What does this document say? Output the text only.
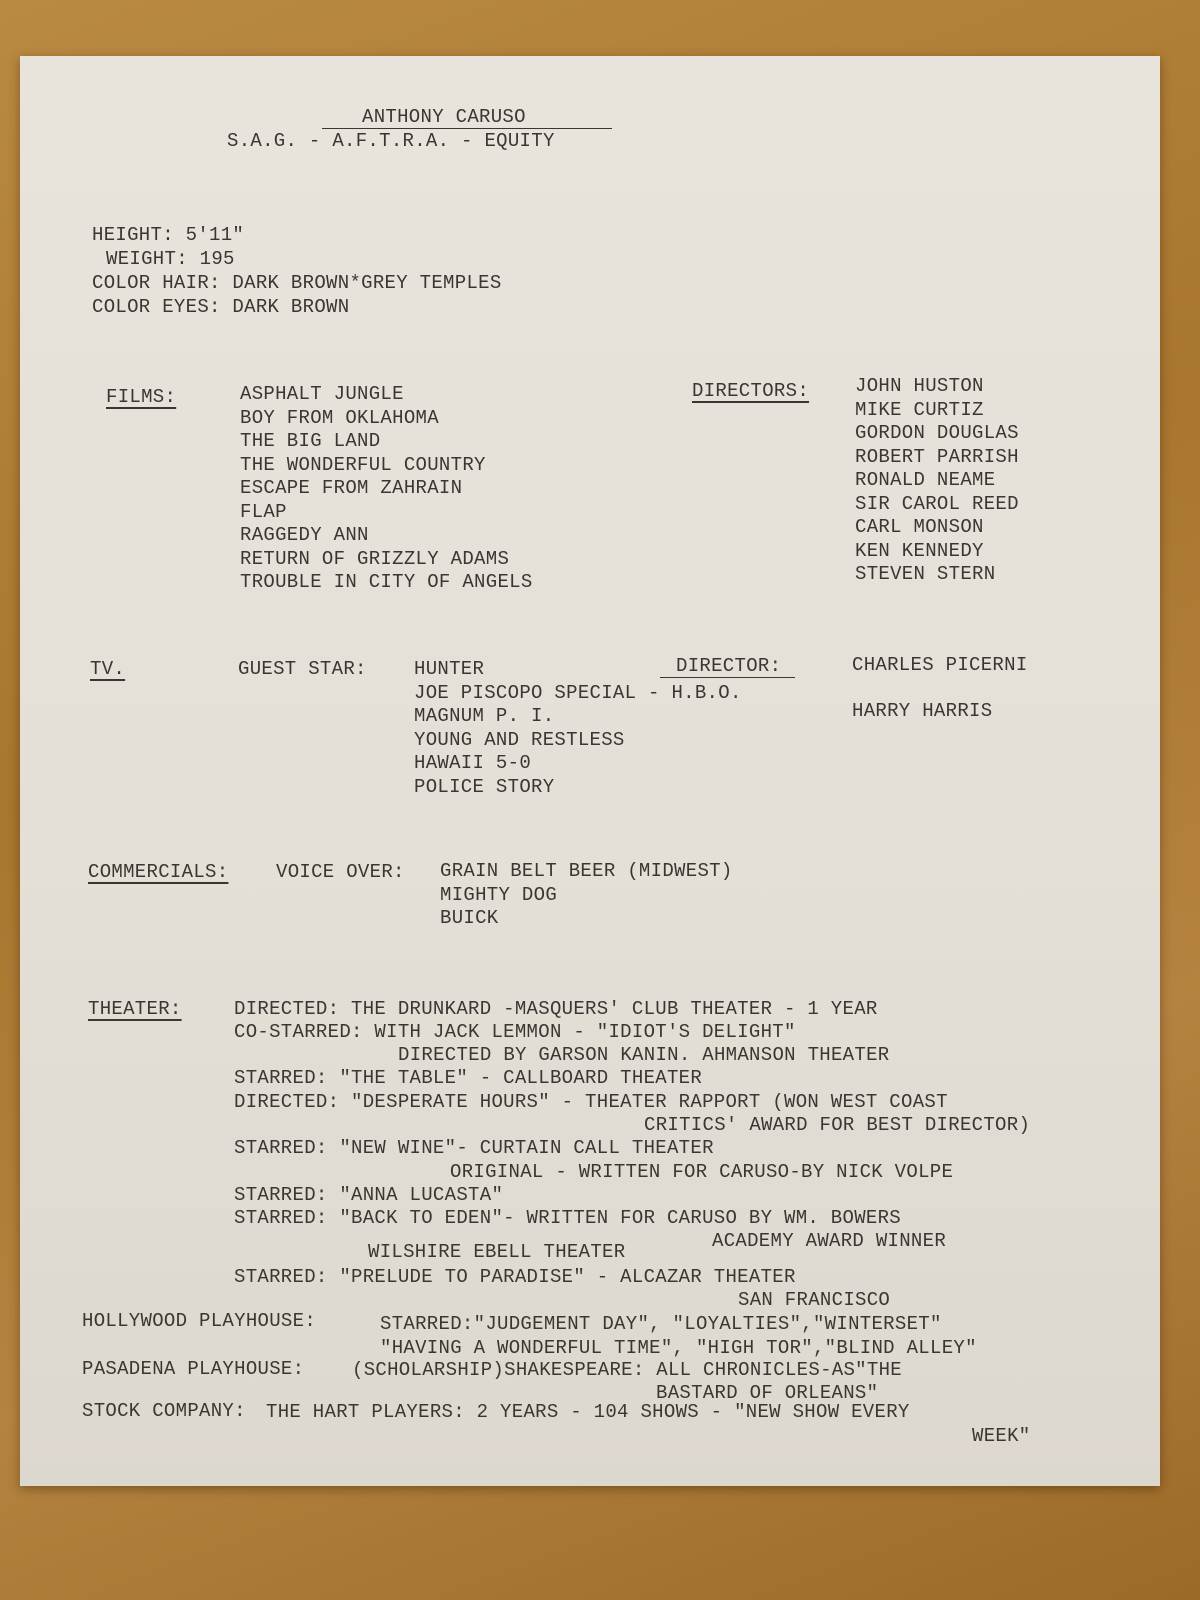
ANTHONY CARUSO
S.A.G. - A.F.T.R.A. - EQUITY
HEIGHT: 5'11"
WEIGHT: 195
COLOR HAIR: DARK BROWN*GREY TEMPLES
COLOR EYES: DARK BROWN
FILMS:	ASPHALT JUNGLE
BOY FROM OKLAHOMA
THE BIG LAND
THE WONDERFUL COUNTRY
ESCAPE FROM ZAHRAIN
FLAP
RAGGEDY ANN
RETURN OF GRIZZLY ADAMS
TROUBLE IN CITY OF ANGELS
DIRECTORS: JOHN HUSTON
MIKE CURTIZ
GORDON DOUGLAS
ROBERT PARRISH
RONALD NEAME
SIR CAROL REED
CARL MONSON
KEN KENNEDY
STEVEN STERN
TV.	GUEST STAR: HUNTER
JOE PISCOPO SPECIAL - H.B.O.
MAGNUM P. I.
YOUNG AND RESTLESS
HAWAII 5-0
POLICE STORY
DIRECTOR:	CHARLES PICERNI
HARRY HARRIS
COMMERCIALS:	VOICE OVER: GRAIN BELT BEER (MIDWEST)
MIGHTY DOG
BUICK
THEATER:	DIRECTED: THE DRUNKARD -MASQUERS' CLUB THEATER - 1 YEAR
CO-STARRED: WITH JACK LEMMON - "IDIOT'S DELIGHT"
DIRECTED BY GARSON KANIN. AHMANSON THEATER
STARRED: "THE TABLE" - CALLBOARD THEATER
DIRECTED: "DESPERATE HOURS" - THEATER RAPPORT (WON WEST COAST
CRITICS' AWARD FOR BEST DIRECTOR)
STARRED: "NEW WINE"- CURTAIN CALL THEATER
ORIGINAL - WRITTEN FOR CARUSO-BY NICK VOLPE
STARRED: "ANNA LUCASTA"
STARRED: "BACK TO EDEN"- WRITTEN FOR CARUSO BY WM. BOWERS
ACADEMY AWARD WINNER
WILSHIRE EBELL THEATER
STARRED: "PRELUDE TO PARADISE" - ALCAZAR THEATER
SAN FRANCISCO
HOLLYWOOD PLAYHOUSE:	STARRED:"JUDGEMENT DAY", "LOYALTIES","WINTERSET"
"HAVING A WONDERFUL TIME", "HIGH TOR","BLIND ALLEY"
PASADENA PLAYHOUSE:	(SCHOLARSHIP)SHAKESPEARE: ALL CHRONICLES-AS"THE
BASTARD OF ORLEANS"
STOCK COMPANY: THE HART PLAYERS: 2 YEARS - 104 SHOWS - "NEW SHOW EVERY
WEEK"
